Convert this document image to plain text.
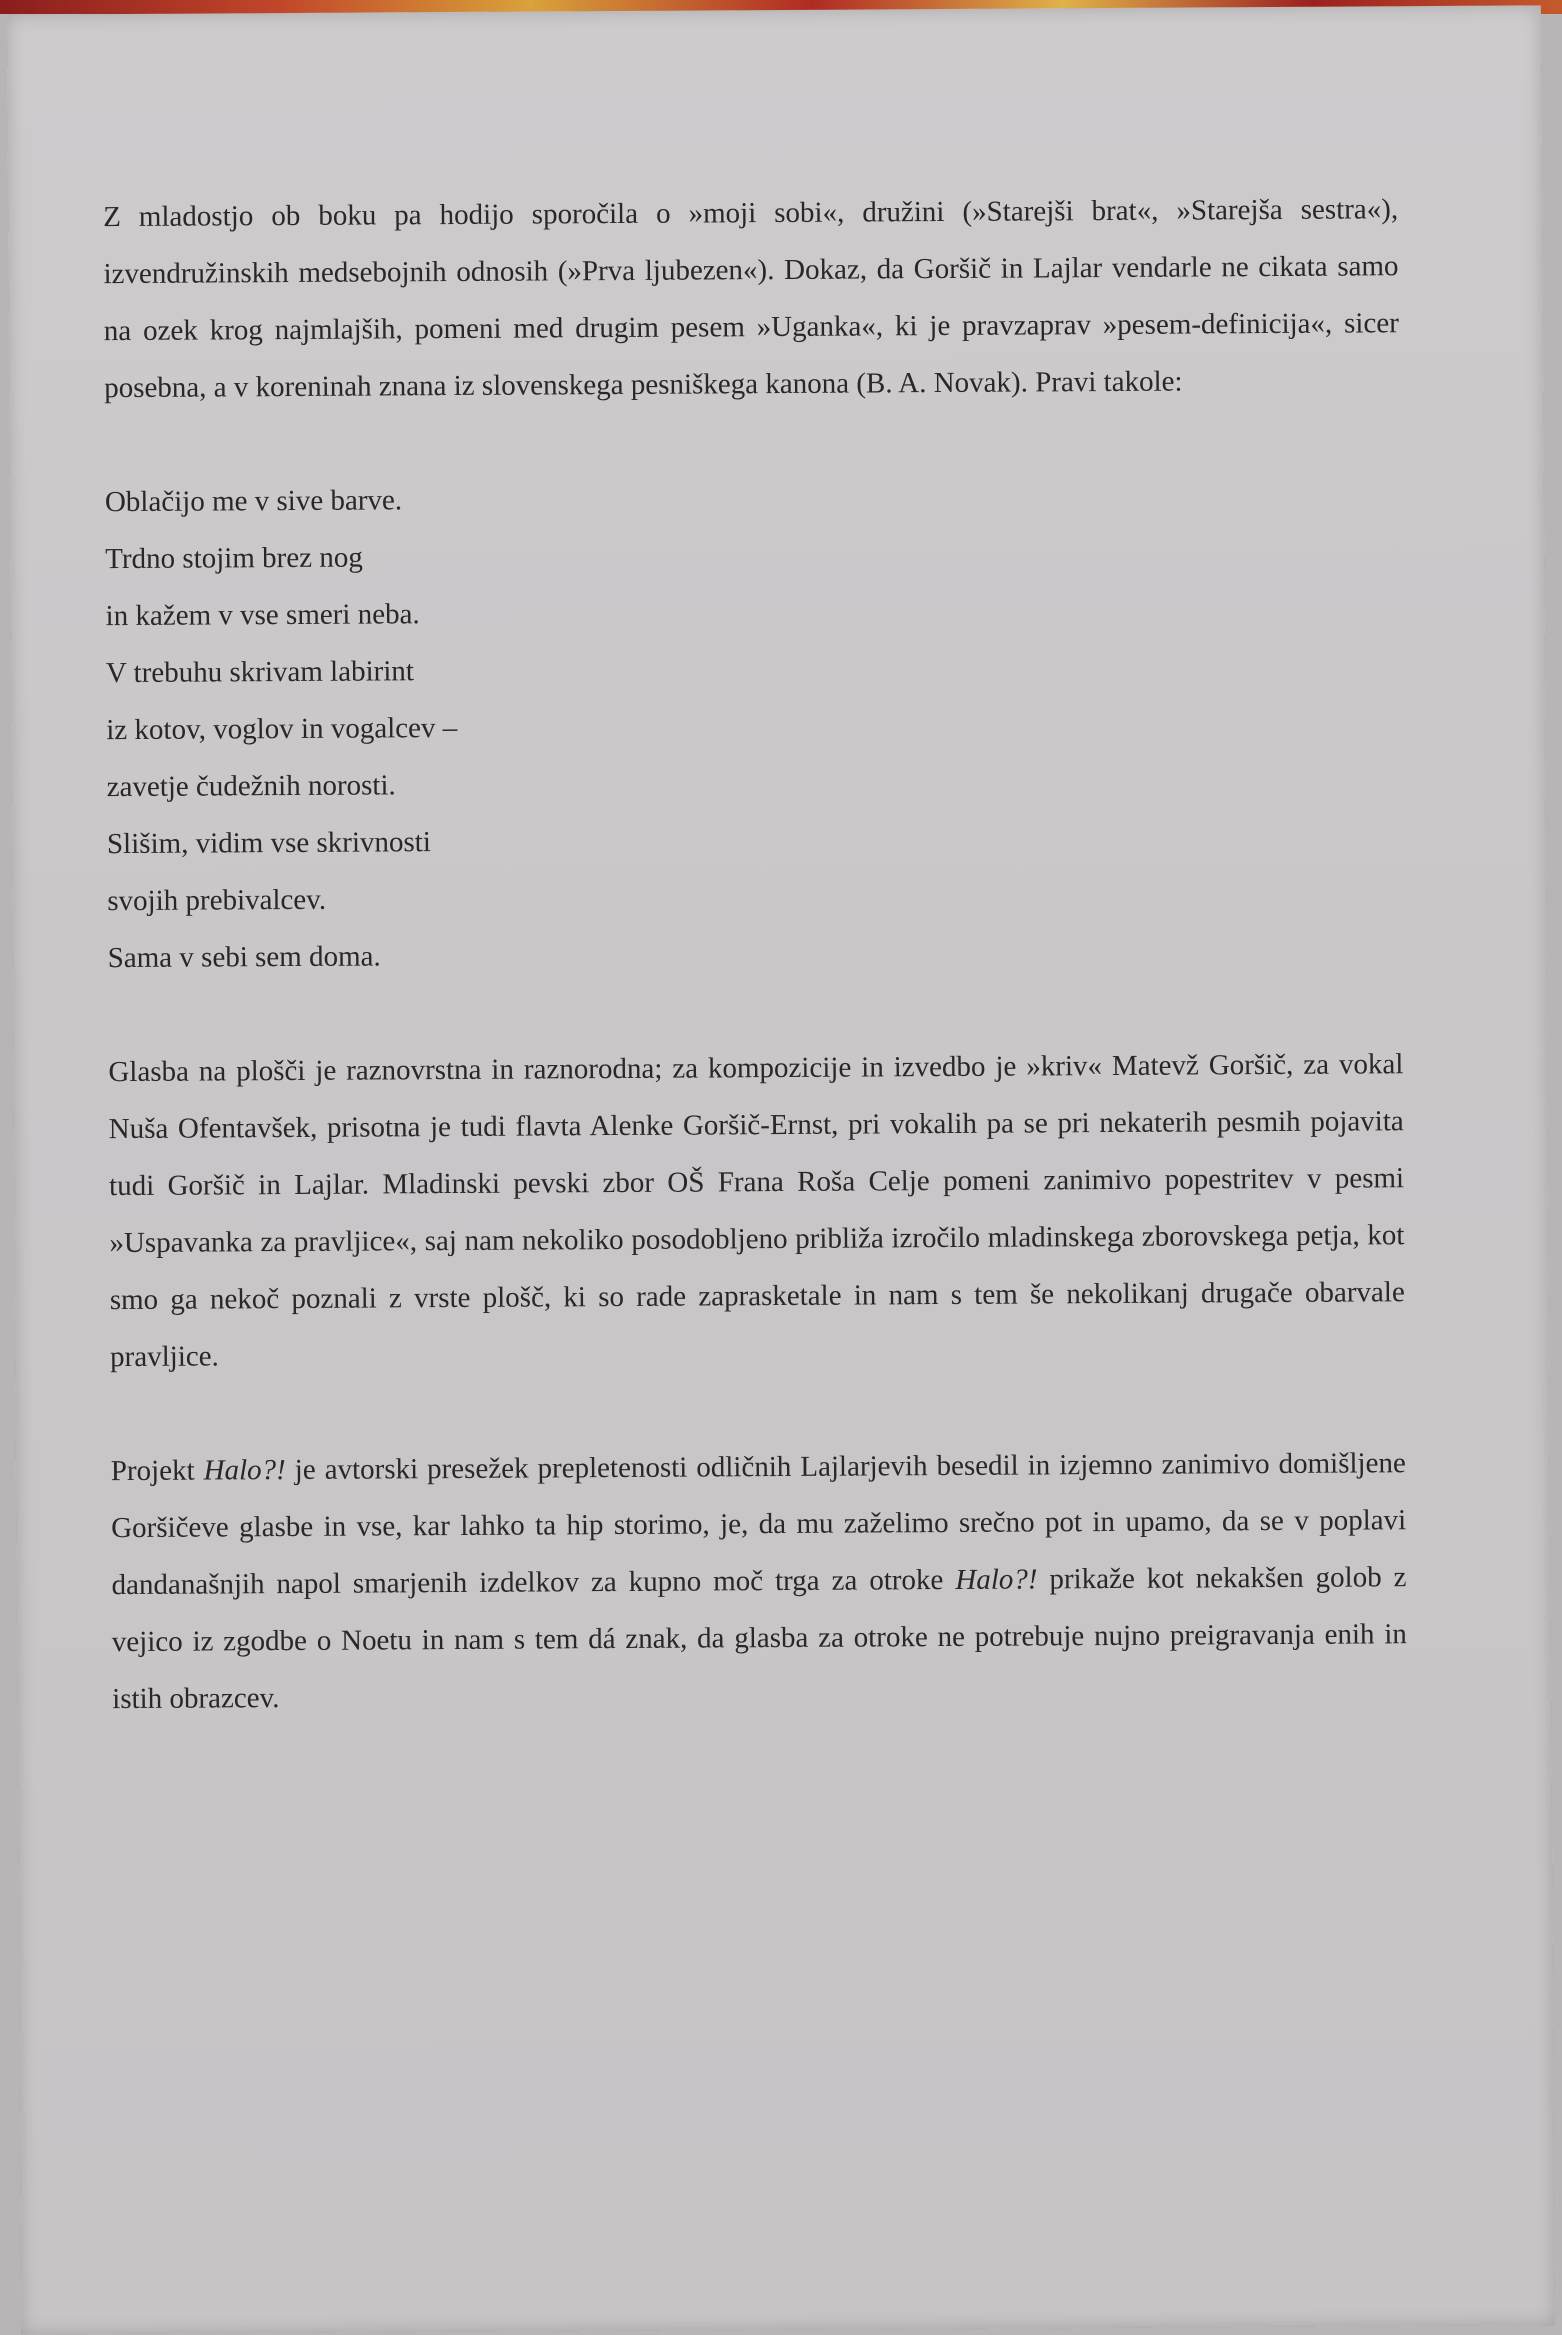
Z mladostjo ob boku pa hodijo sporočila o »moji sobi«, družini (»Starejši brat«, »Starejša sestra«), izvendružinskih medsebojnih odnosih (»Prva ljubezen«). Dokaz, da Goršič in Lajlar vendarle ne cikata samo na ozek krog najmlajših, pomeni med drugim pesem »Uganka«, ki je pravzaprav »pesem-definicija«, sicer posebna, a v koreninah znana iz slovenskega pesniškega kanona (B. A. Novak). Pravi takole:

Oblačijo me v sive barve.
Trdno stojim brez nog
in kažem v vse smeri neba.
V trebuhu skrivam labirint
iz kotov, voglov in vogalcev –
zavetje čudežnih norosti.
Slišim, vidim vse skrivnosti
svojih prebivalcev.
Sama v sebi sem doma.

Glasba na plošči je raznovrstna in raznorodna; za kompozicije in izvedbo je »kriv« Matevž Goršič, za vokal Nuša Ofentavšek, prisotna je tudi flavta Alenke Goršič-Ernst, pri vokalih pa se pri nekaterih pesmih pojavita tudi Goršič in Lajlar. Mladinski pevski zbor OŠ Frana Roša Celje pomeni zanimivo popestritev v pesmi »Uspavanka za pravljice«, saj nam nekoliko posodobljeno približa izročilo mladinskega zborovskega petja, kot smo ga nekoč poznali z vrste plošč, ki so rade zaprasketale in nam s tem še nekolikanj drugače obarvale pravljice.

Projekt Halo?! je avtorski presežek prepletenosti odličnih Lajlarjevih besedil in izjemno zanimivo domišljene Goršičeve glasbe in vse, kar lahko ta hip storimo, je, da mu zaželimo srečno pot in upamo, da se v poplavi dandanašnjih napol smarjenih izdelkov za kupno moč trga za otroke Halo?! prikaže kot nekakšen golob z vejico iz zgodbe o Noetu in nam s tem dá znak, da glasba za otroke ne potrebuje nujno preigravanja enih in istih obrazcev.
